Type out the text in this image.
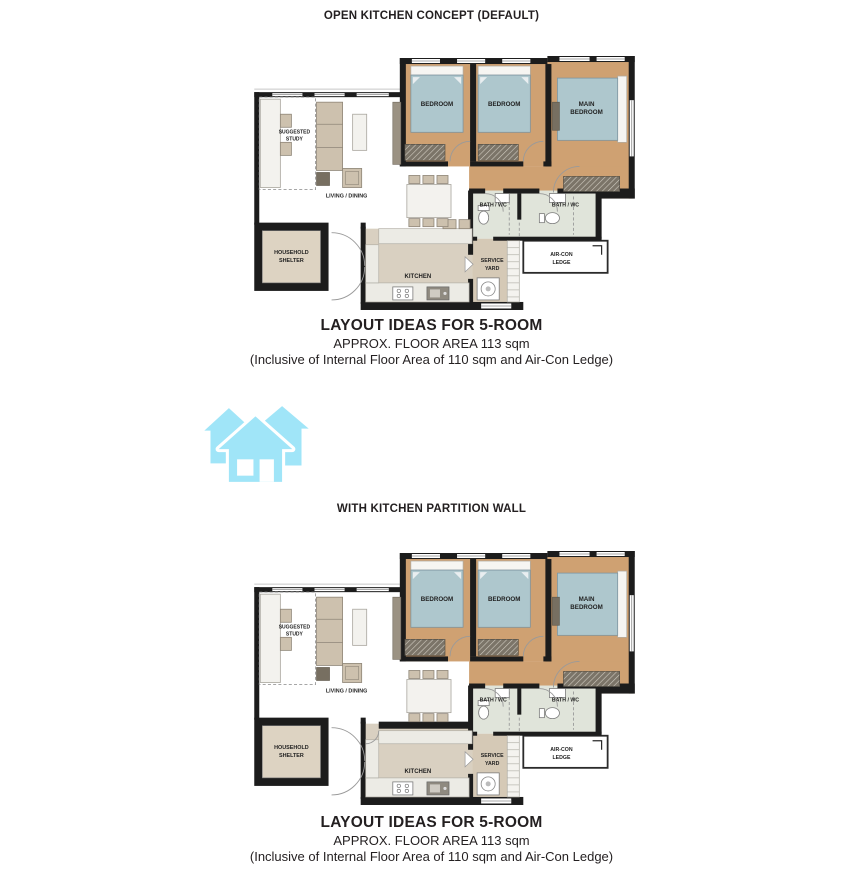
OPEN KITCHEN CONCEPT (DEFAULT)
AIR-CON
LEDGE
HOUSEHOLD
SHELTER
BEDROOM	BEDROOM	MAIN
BEDROOM
BATH / WC	BATH / WC
KITCHEN
SERVICE
YARD
SUGGESTED
STUDY
LIVING / DINING
LAYOUT IDEAS FOR 5-ROOM
APPROX. FLOOR AREA 113 sqm
(Inclusive of Internal Floor Area of 110 sqm and Air-Con Ledge)
WITH KITCHEN PARTITION WALL
AIR-CON
LEDGE
HOUSEHOLD
SHELTER
BEDROOM	BEDROOM	MAIN
BEDROOM
BATH / WC	BATH / WC
KITCHEN
SERVICE
YARD
SUGGESTED
STUDY
LIVING / DINING
LAYOUT IDEAS FOR 5-ROOM
APPROX. FLOOR AREA 113 sqm
(Inclusive of Internal Floor Area of 110 sqm and Air-Con Ledge)
